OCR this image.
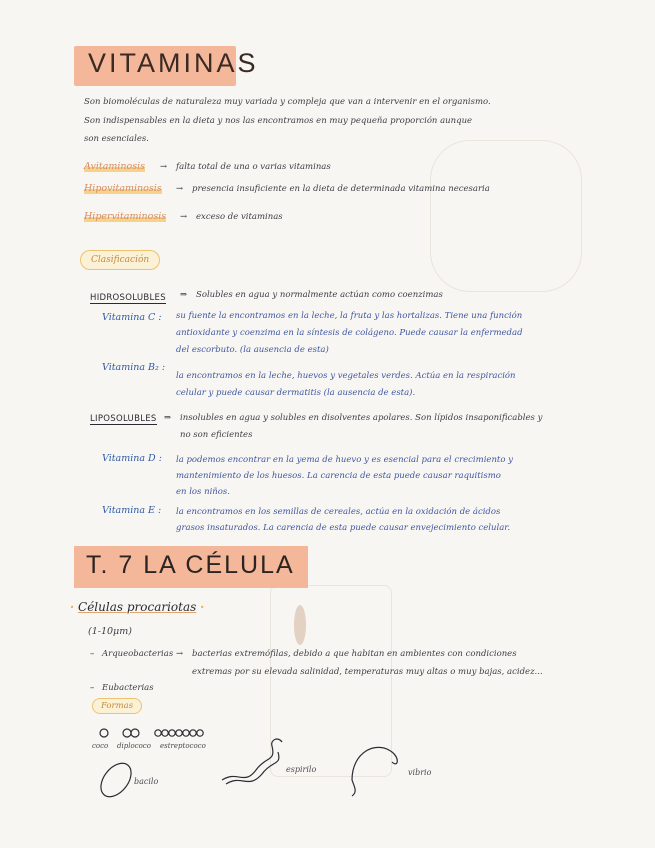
VITAMINAS
Son biomoléculas de naturaleza muy variada y compleja que van a intervenir en el organismo.
Son indispensables en la dieta y nos las encontramos en muy pequeña proporción aunque
son esenciales.
Avitaminosis → falta total de una o varias vitaminas
Hipovitaminosis → presencia insuficiente en la dieta de determinada vitamina necesaria
Hipervitaminosis → exceso de vitaminas
Clasificación
HIDROSOLUBLES ⇒ Solubles en agua y normalmente actúan como coenzimas
Vitamina C : su fuente la encontramos en la leche, la fruta y las hortalizas. Tiene una función
antioxidante y coenzima en la síntesis de colágeno. Puede causar la enfermedad
del escorbuto. (la ausencia de esta)
Vitamina B₂ :
la encontramos en la leche, huevos y vegetales verdes. Actúa en la respiración
celular y puede causar dermatitis (la ausencia de esta).
LIPOSOLUBLES ⇒ insolubles en agua y solubles en disolventes apolares. Son lípidos insaponificables y
no son eficientes
Vitamina D : la podemos encontrar en la yema de huevo y es esencial para el crecimiento y
mantenimiento de los huesos. La carencia de esta puede causar raquitismo
en los niños.
Vitamina E : la encontramos en los semillas de cereales, actúa en la oxidación de ácidos
grasos insaturados. La carencia de esta puede causar envejecimiento celular.
T. 7 LA CÉLULA
· Células procariotas ·
(1-10μm)
– Arqueobacterias → bacterias extremófilas, debido a que habitan en ambientes con condiciones
extremas por su elevada salinidad, temperaturas muy altas o muy bajas, acidez...
– Eubacterias
Formas
coco diplococo estreptococo
bacilo
espirilo	vibrio
